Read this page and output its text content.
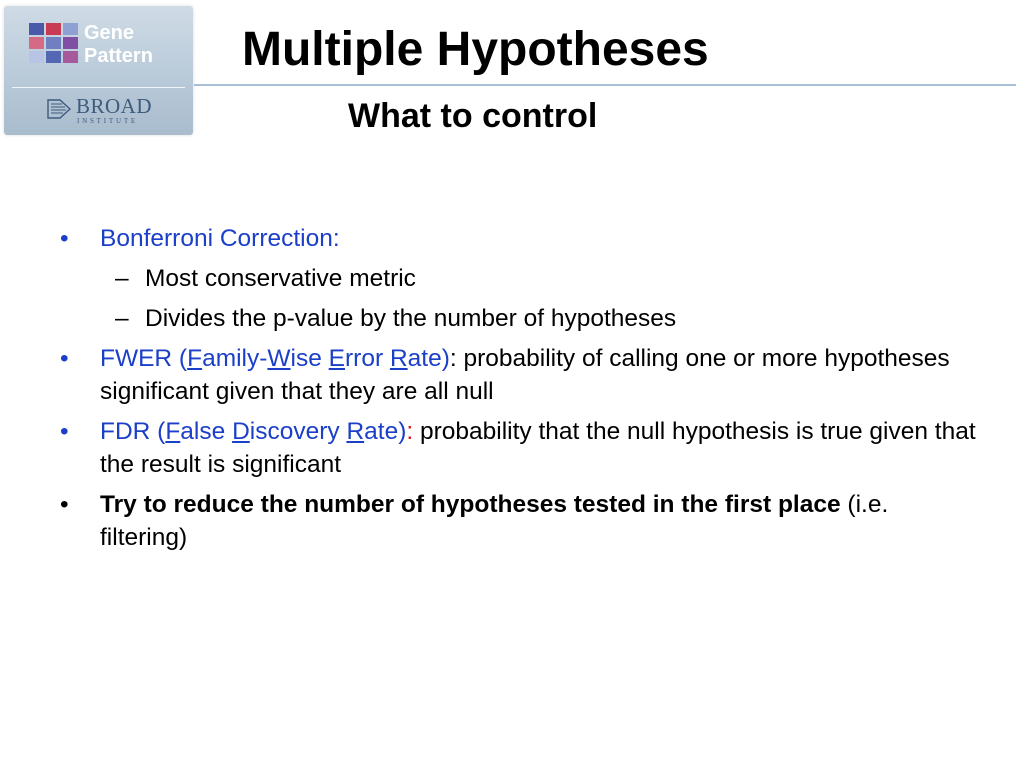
Gene
Pattern
BROAD
INSTITUTE
Multiple Hypotheses
What to control
•	Bonferroni Correction:
– Most conservative metric
– Divides the p-value by the number of hypotheses
•	FWER (Family-Wise Error Rate): probability of calling one or more hypotheses significant given that they are all null
•	FDR (False Discovery Rate): probability that the null hypothesis is true given that the result is significant
•	Try to reduce the number of hypotheses tested in the first place (i.e. filtering)
